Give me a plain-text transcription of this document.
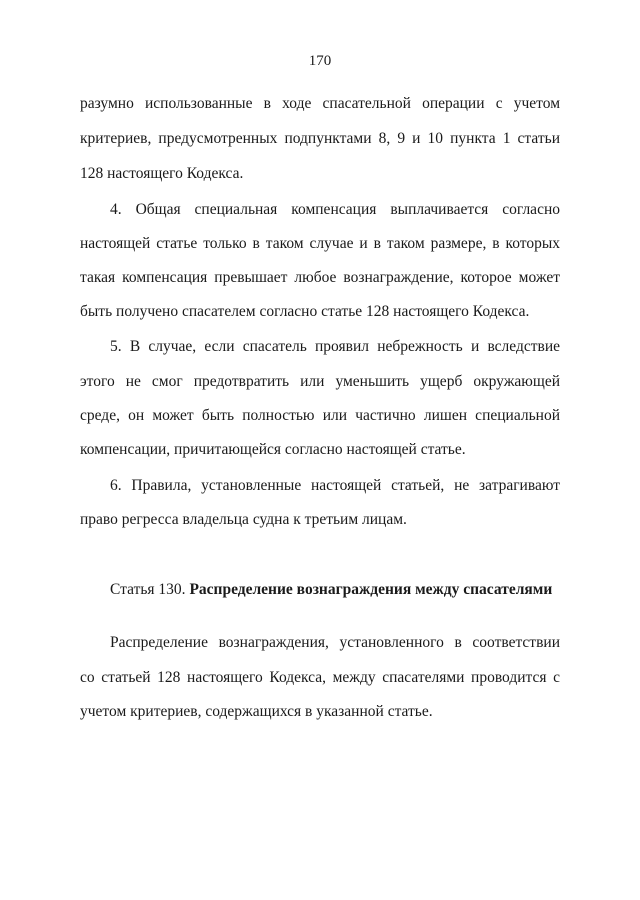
170
разумно использованные в ходе спасательной операции с учетом
критериев, предусмотренных подпунктами 8, 9 и 10 пункта 1 статьи
128 настоящего Кодекса.
4. Общая специальная компенсация выплачивается согласно
настоящей статье только в таком случае и в таком размере, в которых
такая компенсация превышает любое вознаграждение, которое может
быть получено спасателем согласно статье 128 настоящего Кодекса.
5. В случае, если спасатель проявил небрежность и вследствие
этого не смог предотвратить или уменьшить ущерб окружающей
среде, он может быть полностью или частично лишен специальной
компенсации, причитающейся согласно настоящей статье.
6. Правила, установленные настоящей статьей, не затрагивают
право регресса владельца судна к третьим лицам.
Статья 130. Распределение вознаграждения между спасателями
Распределение вознаграждения, установленного в соответствии
со статьей 128 настоящего Кодекса, между спасателями проводится с
учетом критериев, содержащихся в указанной статье.
